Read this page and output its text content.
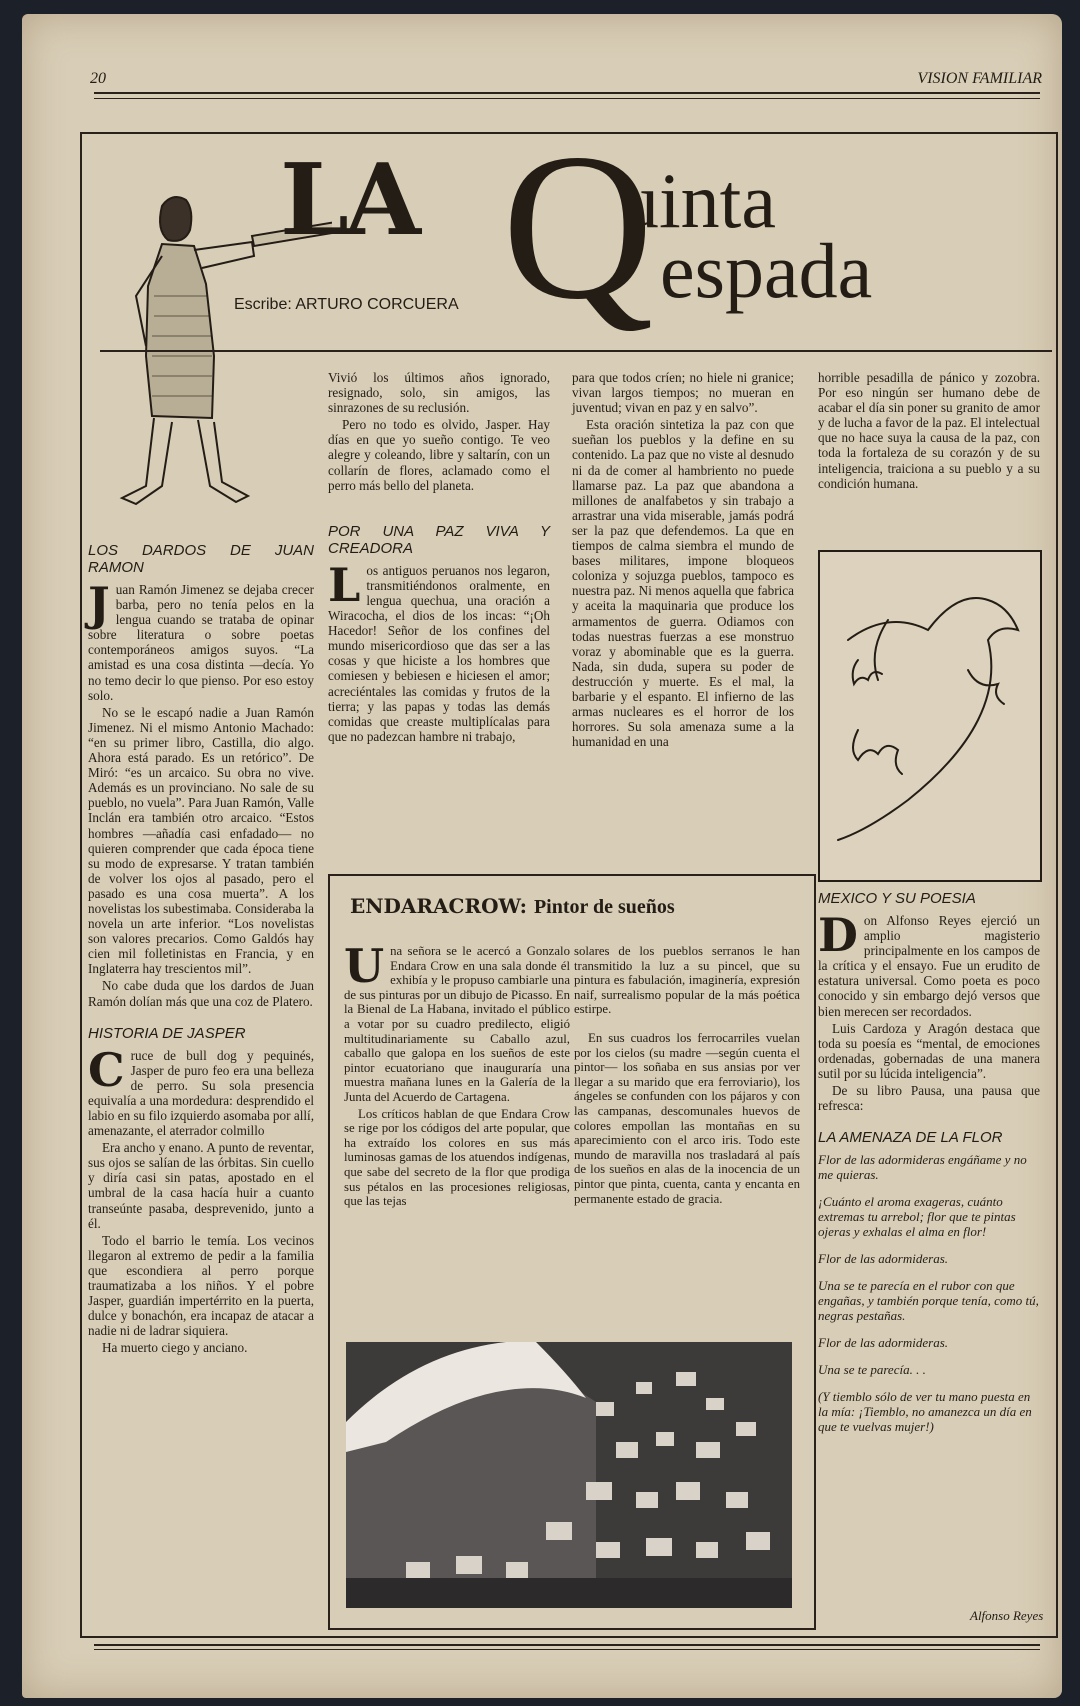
20	VISION FAMILIAR
LA Q
uinta
espada
Escribe: ARTURO CORCUERA
LOS DARDOS DE JUAN RAMON

Juan Ramón Jimenez se dejaba crecer barba, pero no tenía pelos en la lengua cuando se trataba de opinar sobre literatura o sobre poetas contemporáneos amigos suyos. “La amistad es una cosa distinta —decía. Yo no temo decir lo que pienso. Por eso estoy solo.

No se le escapó nadie a Juan Ramón Jimenez. Ni el mismo Antonio Machado: “en su primer libro, Castilla, dio algo. Ahora está parado. Es un retórico”. De Miró: “es un arcaico. Su obra no vive. Además es un provinciano. No sale de su pueblo, no vuela”. Para Juan Ramón, Valle Inclán era también otro arcaico. “Estos hombres —añadía casi enfadado— no quieren comprender que cada época tiene su modo de expresarse. Y tratan también de volver los ojos al pasado, pero el pasado es una cosa muerta”. A los novelistas los subestimaba. Consideraba la novela un arte inferior. “Los novelistas son valores precarios. Como Galdós hay cien mil folletinistas en Francia, y en Inglaterra hay trescientos mil”.

No cabe duda que los dardos de Juan Ramón dolían más que una coz de Platero.

HISTORIA DE JASPER

Cruce de bull dog y pequinés, Jasper de puro feo era una belleza de perro. Su sola presencia equivalía a una mordedura: desprendido el labio en su filo izquierdo asomaba por allí, amenazante, el aterrador colmillo

Era ancho y enano. A punto de reventar, sus ojos se salían de las órbitas. Sin cuello y diría casi sin patas, apostado en el umbral de la casa hacía huir a cuanto transeúnte pasaba, desprevenido, junto a él.

Todo el barrio le temía. Los vecinos llegaron al extremo de pedir a la familia que escondiera al perro porque traumatizaba a los niños. Y el pobre Jasper, guardián impertérrito en la puerta, dulce y bonachón, era incapaz de atacar a nadie ni de ladrar siquiera.

Ha muerto ciego y anciano.

Vivió los últimos años ignorado, resignado, solo, sin amigos, las sinrazones de su reclusión.

Pero no todo es olvido, Jasper. Hay días en que yo sueño contigo. Te veo alegre y coleando, libre y saltarín, con un collarín de flores, aclamado como el perro más bello del planeta.

POR UNA PAZ VIVA Y CREADORA

Los antiguos peruanos nos legaron, transmitiéndonos oralmente, en lengua quechua, una oración a Wiracocha, el dios de los incas: “¡Oh Hacedor! Señor de los confines del mundo misericordioso que das ser a las cosas y que hiciste a los hombres que comiesen y bebiesen e hiciesen el amor; acreciéntales las comidas y frutos de la tierra; y las papas y todas las demás comidas que creaste multiplícalas para que no padezcan hambre ni trabajo,

para que todos críen; no hiele ni granice; vivan largos tiempos; no mueran en juventud; vivan en paz y en salvo”.

Esta oración sintetiza la paz con que sueñan los pueblos y la define en su contenido. La paz que no viste al desnudo ni da de comer al hambriento no puede llamarse paz. La paz que abandona a millones de analfabetos y sin trabajo a arrastrar una vida miserable, jamás podrá ser la paz que defendemos. La que en tiempos de calma siembra el mundo de bases militares, impone bloqueos coloniza y sojuzga pueblos, tampoco es nuestra paz. Ni menos aquella que fabrica y aceita la maquinaria que produce los armamentos de guerra. Odiamos con todas nuestras fuerzas a ese monstruo voraz y abominable que es la guerra. Nada, sin duda, supera su poder de destrucción y muerte. Es el mal, la barbarie y el espanto. El infierno de las armas nucleares es el horror de los horrores. Su sola amenaza sume a la humanidad en una

horrible pesadilla de pánico y zozobra. Por eso ningún ser humano debe de acabar el día sin poner su granito de amor y de lucha a favor de la paz. El intelectual que no hace suya la causa de la paz, con toda la fortaleza de su corazón y de su inteligencia, traiciona a su pueblo y a su condición humana.

MEXICO Y SU POESIA

Don Alfonso Reyes ejerció un amplio magisterio principalmente en los campos de la crítica y el ensayo. Fue un erudito de estatura universal. Como poeta es poco conocido y sin embargo dejó versos que bien merecen ser recordados.

Luis Cardoza y Aragón destaca que toda su poesía es “mental, de emociones ordenadas, gobernadas de una manera sutil por su lúcida inteligencia”.

De su libro Pausa, una pausa que refresca:

LA AMENAZA DE LA FLOR
Flor de las adormideras engáñame y no me quieras.
¡Cuánto el aroma exageras, cuánto extremas tu arrebol; flor que te pintas ojeras y exhalas el alma en flor!
Flor de las adormideras.
Una se te parecía en el rubor con que engañas, y también porque tenía, como tú, negras pestañas.
Flor de las adormideras.
Una se te parecía. . .
(Y tiemblo sólo de ver tu mano puesta en la mía: ¡Tiemblo, no amanezca un día en que te vuelvas mujer!)
Alfonso Reyes
ENDARACROW: Pintor de sueños

Una señora se le acercó a Gonzalo Endara Crow en una sala donde él exhibía y le propuso cambiarle una de sus pinturas por un dibujo de Picasso. En la Bienal de La Habana, invitado el público a votar por su cuadro predilecto, eligió multitudinariamente su Caballo azul, caballo que galopa en los sueños de este pintor ecuatoriano que inauguraría una muestra mañana lunes en la Galería de la Junta del Acuerdo de Cartagena.

Los críticos hablan de que Endara Crow se rige por los códigos del arte popular, que ha extraído los colores en sus más luminosas gamas de los atuendos indígenas, que sabe del secreto de la flor que prodiga sus pétalos en las procesiones religiosas, que las tejas

solares de los pueblos serranos le han transmitido la luz a su pincel, que su pintura es fabulación, imaginería, expresión naif, surrealismo popular de la más poética estirpe.

En sus cuadros los ferrocarriles vuelan por los cielos (su madre —según cuenta el pintor— los soñaba en sus ansias por ver llegar a su marido que era ferroviario), los ángeles se confunden con los pájaros y con las campanas, descomunales huevos de colores empollan las montañas en su aparecimiento con el arco iris. Todo este mundo de maravilla nos trasladará al país de los sueños en alas de la inocencia de un pintor que pinta, cuenta, canta y encanta en permanente estado de gracia.
